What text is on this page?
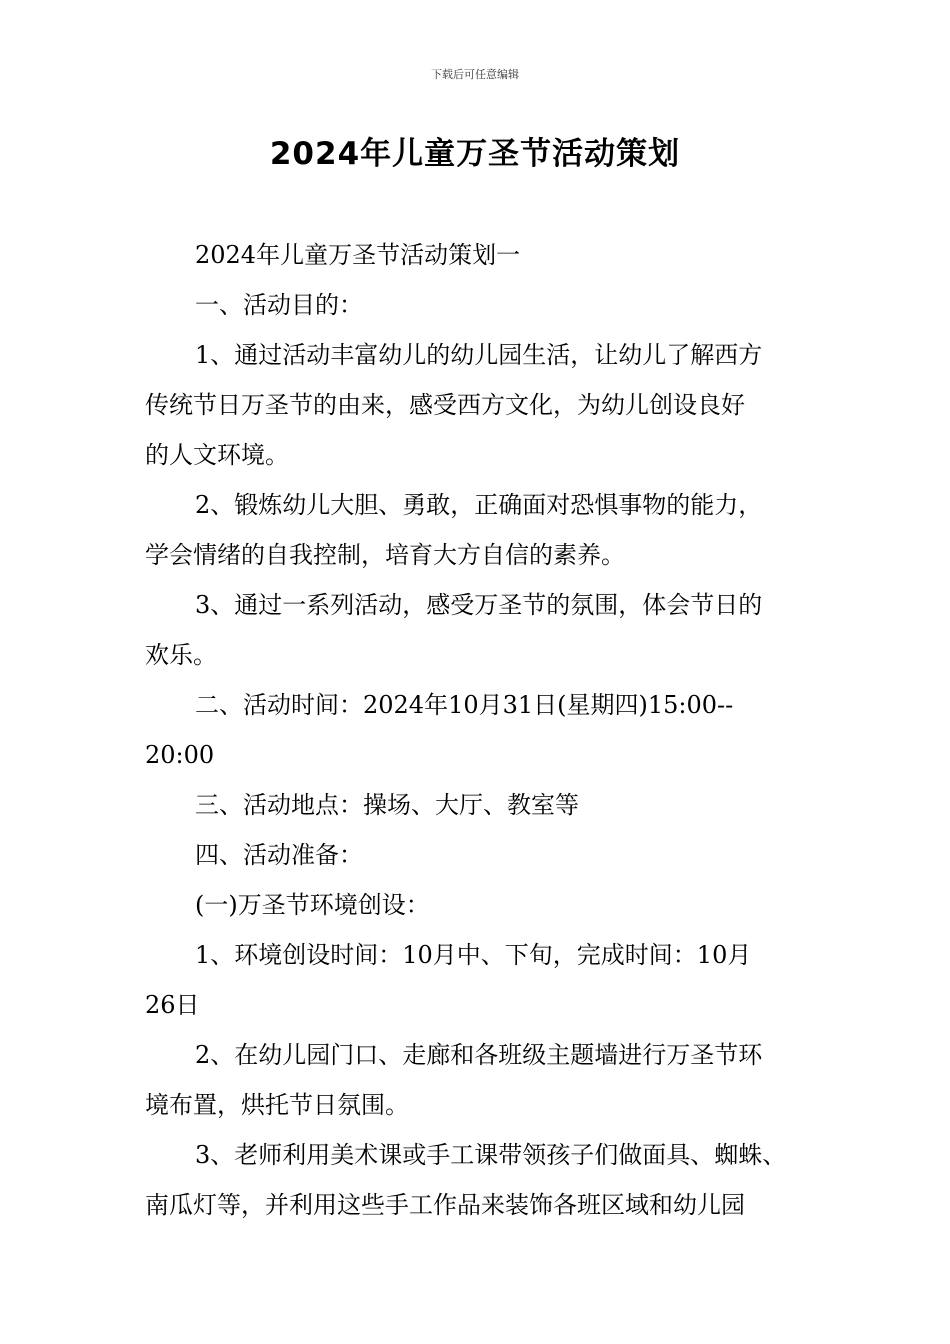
下载后可任意编辑
2024年儿童万圣节活动策划
2024年儿童万圣节活动策划一
一、活动目的：
1、通过活动丰富幼儿的幼儿园生活，让幼儿了解西方
传统节日万圣节的由来，感受西方文化，为幼儿创设良好
的人文环境。
2、锻炼幼儿大胆、勇敢，正确面对恐惧事物的能力，
学会情绪的自我控制，培育大方自信的素养。
3、通过一系列活动，感受万圣节的氛围，体会节日的
欢乐。
二、活动时间：2024年10月31日(星期四)15:00--
20:00
三、活动地点：操场、大厅、教室等
四、活动准备：
(一)万圣节环境创设：
1、环境创设时间：10月中、下旬，完成时间：10月
26日
2、在幼儿园门口、走廊和各班级主题墙进行万圣节环
境布置，烘托节日氛围。
3、老师利用美术课或手工课带领孩子们做面具、蜘蛛、
南瓜灯等，并利用这些手工作品来装饰各班区域和幼儿园
